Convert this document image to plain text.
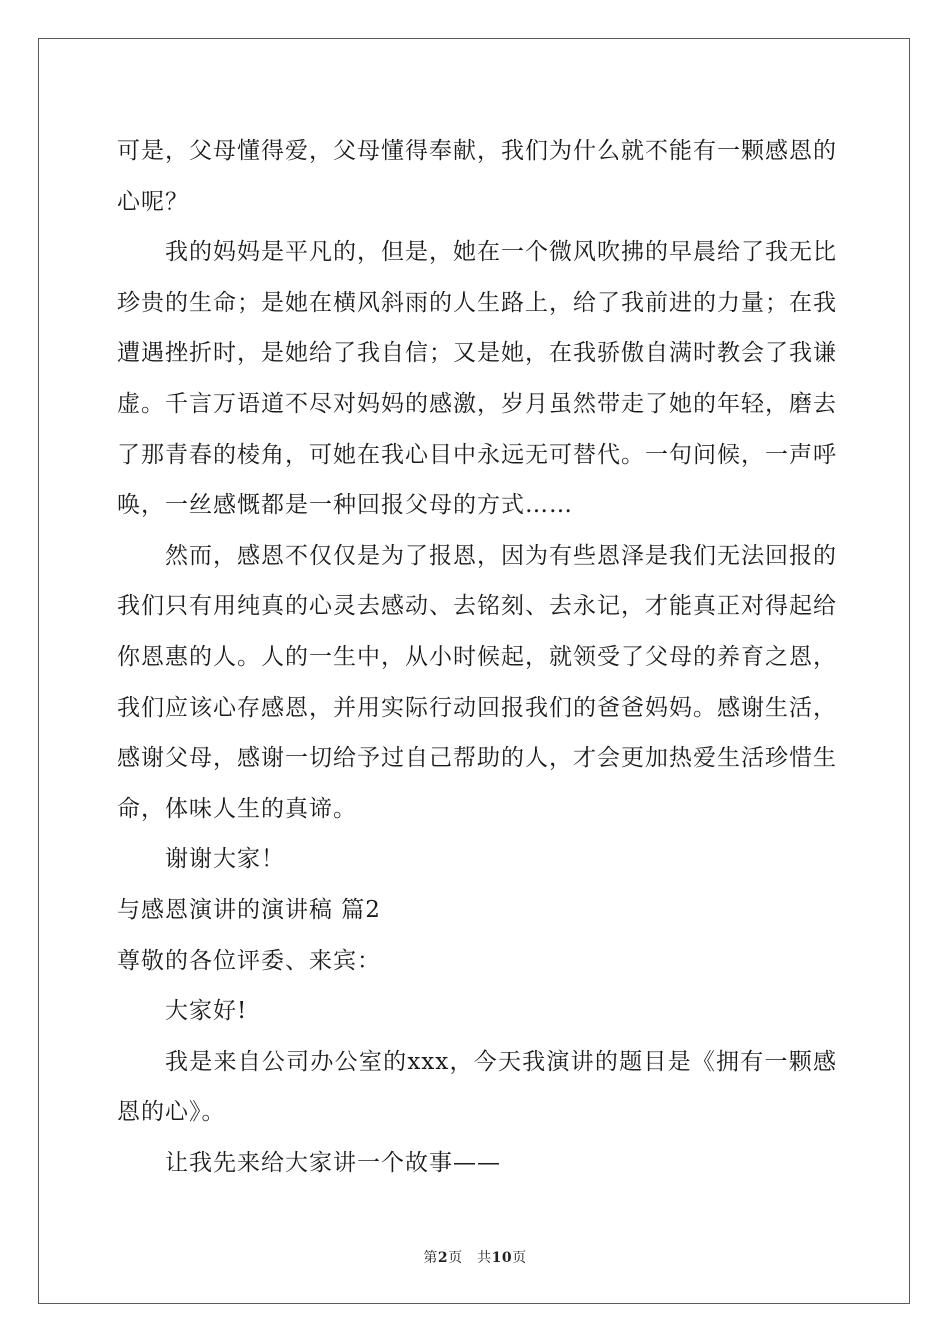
可是，父母懂得爱，父母懂得奉献，我们为什么就不能有一颗感恩的心呢？

我的妈妈是平凡的，但是，她在一个微风吹拂的早晨给了我无比珍贵的生命；是她在横风斜雨的人生路上，给了我前进的力量；在我遭遇挫折时，是她给了我自信；又是她，在我骄傲自满时教会了我谦虚。千言万语道不尽对妈妈的感激，岁月虽然带走了她的年轻，磨去了那青春的棱角，可她在我心目中永远无可替代。一句问候，一声呼唤，一丝感慨都是一种回报父母的方式……

然而，感恩不仅仅是为了报恩，因为有些恩泽是我们无法回报的我们只有用纯真的心灵去感动、去铭刻、去永记，才能真正对得起给你恩惠的人。人的一生中，从小时候起，就领受了父母的养育之恩，我们应该心存感恩，并用实际行动回报我们的爸爸妈妈。感谢生活，感谢父母，感谢一切给予过自己帮助的人，才会更加热爱生活珍惜生命，体味人生的真谛。

谢谢大家！

与感恩演讲的演讲稿 篇2

尊敬的各位评委、来宾：

大家好!

我是来自公司办公室的xxx，今天我演讲的题目是《拥有一颗感恩的心》。

让我先来给大家讲一个故事——

第2页　共10页
